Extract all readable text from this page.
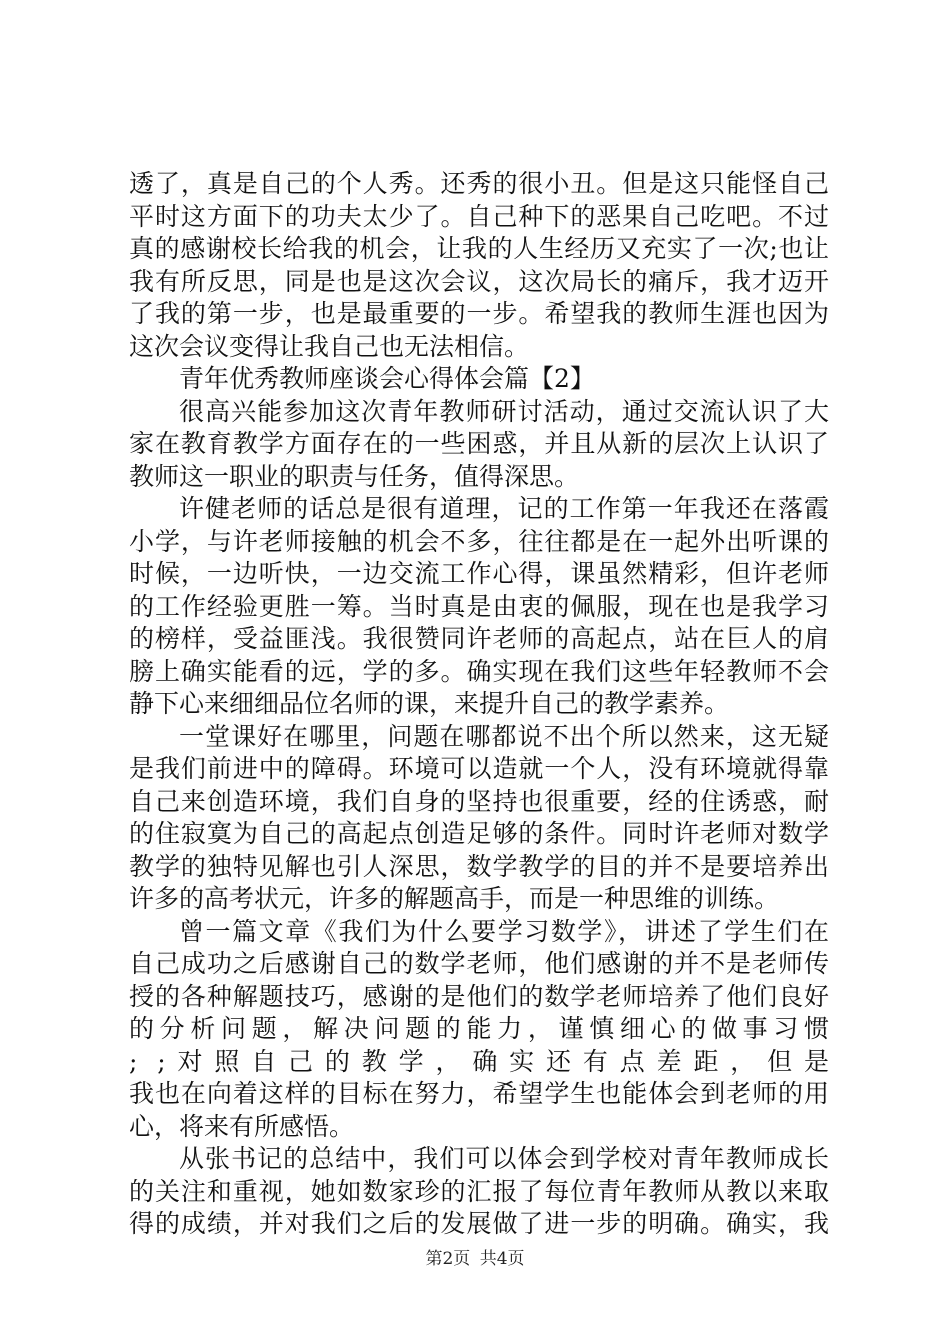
透了，真是自己的个人秀。还秀的很小丑。但是这只能怪自己
平时这方面下的功夫太少了。自己种下的恶果自己吃吧。不过
真的感谢校长给我的机会，让我的人生经历又充实了一次;也让
我有所反思，同是也是这次会议，这次局长的痛斥，我才迈开
了我的第一步，也是最重要的一步。希望我的教师生涯也因为
这次会议变得让我自己也无法相信。
青年优秀教师座谈会心得体会篇【2】
很高兴能参加这次青年教师研讨活动，通过交流认识了大
家在教育教学方面存在的一些困惑，并且从新的层次上认识了
教师这一职业的职责与任务，值得深思。
许健老师的话总是很有道理，记的工作第一年我还在落霞
小学，与许老师接触的机会不多，往往都是在一起外出听课的
时候，一边听快，一边交流工作心得，课虽然精彩，但许老师
的工作经验更胜一筹。当时真是由衷的佩服，现在也是我学习
的榜样，受益匪浅。我很赞同许老师的高起点，站在巨人的肩
膀上确实能看的远，学的多。确实现在我们这些年轻教师不会
静下心来细细品位名师的课，来提升自己的教学素养。
一堂课好在哪里，问题在哪都说不出个所以然来，这无疑
是我们前进中的障碍。环境可以造就一个人，没有环境就得靠
自己来创造环境，我们自身的坚持也很重要，经的住诱惑，耐
的住寂寞为自己的高起点创造足够的条件。同时许老师对数学
教学的独特见解也引人深思，数学教学的目的并不是要培养出
许多的高考状元，许多的解题高手，而是一种思维的训练。
曾一篇文章《我们为什么要学习数学》，讲述了学生们在
自己成功之后感谢自己的数学老师，他们感谢的并不是老师传
授的各种解题技巧，感谢的是他们的数学老师培养了他们良好
的分析问题，解决问题的能力，谨慎细心的做事习惯
; ;对照自己的教学，确实还有点差距，但是
我也在向着这样的目标在努力，希望学生也能体会到老师的用
心，将来有所感悟。
从张书记的总结中，我们可以体会到学校对青年教师成长
的关注和重视，她如数家珍的汇报了每位青年教师从教以来取
得的成绩，并对我们之后的发展做了进一步的明确。确实，我
第2页 共4页
